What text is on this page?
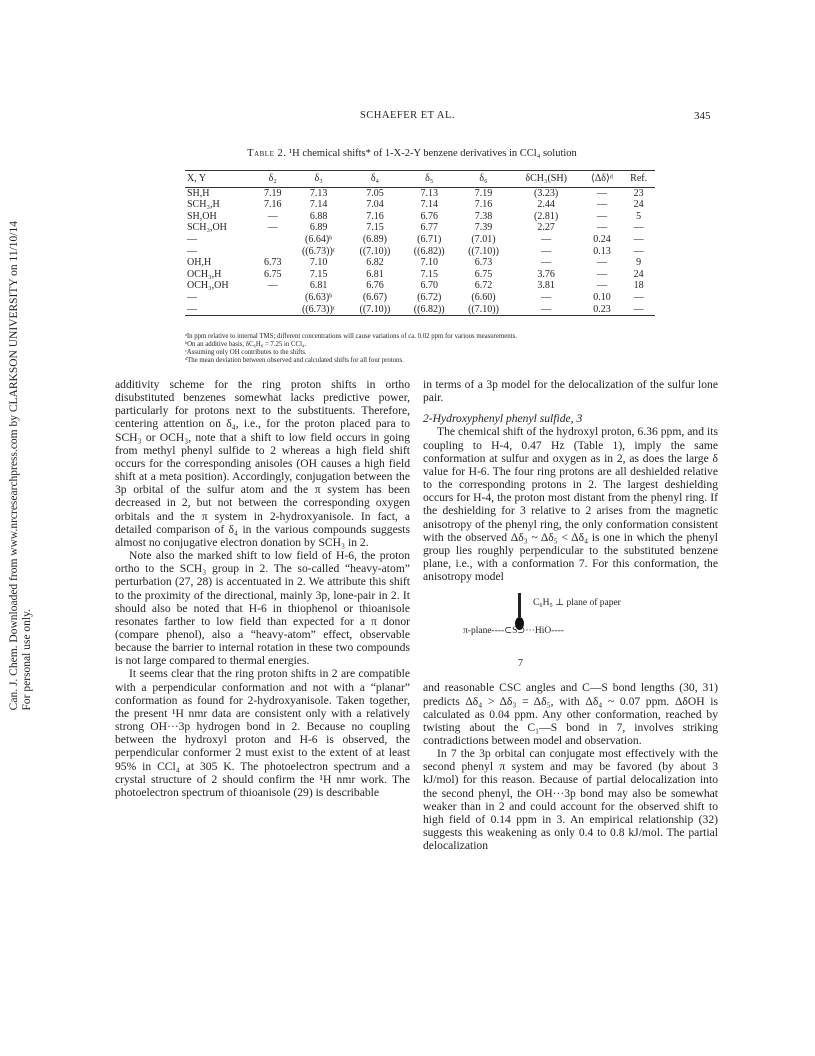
SCHAEFER ET AL.	345
Can. J. Chem. Downloaded from www.nrcresearchpress.com by CLARKSON UNIVERSITY on 11/10/14 For personal use only.
Table 2. ¹H chemical shifts* of 1-X-2-Y benzene derivatives in CCl₄ solution
X, Y	δ₂	δ₃	δ₄	δ₅	δ₆	δCH₃(SH)	⟨Δδ⟩ᵈ	Ref.
SH,H	7.19	7.13	7.05	7.13	7.19	(3.23)	—	23
SCH₃,H	7.16	7.14	7.04	7.14	7.16	2.44	—	24
SH,OH	—	6.88	7.16	6.76	7.38	(2.81)	—	5
SCH₃,OH	—	6.89	7.15	6.77	7.39	2.27	—	—
—		(6.64)ᵇ	(6.89)	(6.71)	(7.01)	—	0.24	—
—		((6.73))ᶜ	((7.10))	((6.82))	((7.10))	—	0.13	—
OH,H	6.73	7.10	6.82	7.10	6.73	—	—	9
OCH₃,H	6.75	7.15	6.81	7.15	6.75	3.76	—	24
OCH₃,OH	—	6.81	6.76	6.70	6.72	3.81	—	18
—		(6.63)ᵇ	(6.67)	(6.72)	(6.60)	—	0.10	—
—		((6.73))ᶜ	((7.10))	((6.82))	((7.10))	—	0.23	—
ᵃIn ppm relative to internal TMS; different concentrations will cause variations of ca. 0.02 ppm for various measurements.
ᵇOn an additive basis, δC₆H₆ = 7.25 in CCl₄.
ᶜAssuming only OH contributes to the shifts.
ᵈThe mean deviation between observed and calculated shifts for all four protons.

additivity scheme for the ring proton shifts in ortho disubstituted benzenes somewhat lacks predictive power, particularly for protons next to the substituents. Therefore, centering attention on δ₄, i.e., for the proton placed para to SCH₃ or OCH₃, note that a shift to low field occurs in going from methyl phenyl sulfide to 2 whereas a high field shift occurs for the corresponding anisoles (OH causes a high field shift at a meta position). Accordingly, conjugation between the 3p orbital of the sulfur atom and the π system has been decreased in 2, but not between the corresponding oxygen orbitals and the π system in 2-hydroxyanisole. In fact, a detailed comparison of δ₄ in the various compounds suggests almost no conjugative electron donation by SCH₃ in 2.

Note also the marked shift to low field of H-6, the proton ortho to the SCH₃ group in 2. The so-called “heavy-atom” perturbation (27, 28) is accentuated in 2. We attribute this shift to the proximity of the directional, mainly 3p, lone-pair in 2. It should also be noted that H-6 in thiophenol or thioanisole resonates farther to low field than expected for a π donor (compare phenol), also a “heavy-atom” effect, observable because the barrier to internal rotation in these two compounds is not large compared to thermal energies.

It seems clear that the ring proton shifts in 2 are compatible with a perpendicular conformation and not with a “planar” conformation as found for 2-hydroxyanisole. Taken together, the present ¹H nmr data are consistent only with a relatively strong OH···3p hydrogen bond in 2. Because no coupling between the hydroxyl proton and H-6 is observed, the perpendicular conformer 2 must exist to the extent of at least 95% in CCl₄ at 305 K. The photoelectron spectrum and a crystal structure of 2 should confirm the ¹H nmr work. The photoelectron spectrum of thioanisole (29) is describable

in terms of a 3p model for the delocalization of the sulfur lone pair.

2-Hydroxyphenyl phenyl sulfide, 3

The chemical shift of the hydroxyl proton, 6.36 ppm, and its coupling to H-4, 0.47 Hz (Table 1), imply the same conformation at sulfur and oxygen as in 2, as does the large δ value for H-6. The four ring protons are all deshielded relative to the corresponding protons in 2. The largest deshielding occurs for H-4, the proton most distant from the phenyl ring. If the deshielding for 3 relative to 2 arises from the magnetic anisotropy of the phenyl ring, the only conformation consistent with the observed Δδ₃ ~ Δδ₅ < Δδ₄ is one in which the phenyl group lies roughly perpendicular to the substituted benzene plane, i.e., with a conformation 7. For this conformation, the anisotropy model

C₆H₅ ⊥ plane of paper
π-plane----⊂S⊃···HiO----
7

and reasonable CSC angles and C—S bond lengths (30, 31) predicts Δδ₄ > Δδ₃ = Δδ₅, with Δδ₄ ~ 0.07 ppm. ΔδOH is calculated as 0.04 ppm. Any other conformation, reached by twisting about the C₁—S bond in 7, involves striking contradictions between model and observation.

In 7 the 3p orbital can conjugate most effectively with the second phenyl π system and may be favored (by about 3 kJ/mol) for this reason. Because of partial delocalization into the second phenyl, the OH···3p bond may also be somewhat weaker than in 2 and could account for the observed shift to high field of 0.14 ppm in 3. An empirical relationship (32) suggests this weakening as only 0.4 to 0.8 kJ/mol. The partial delocalization
